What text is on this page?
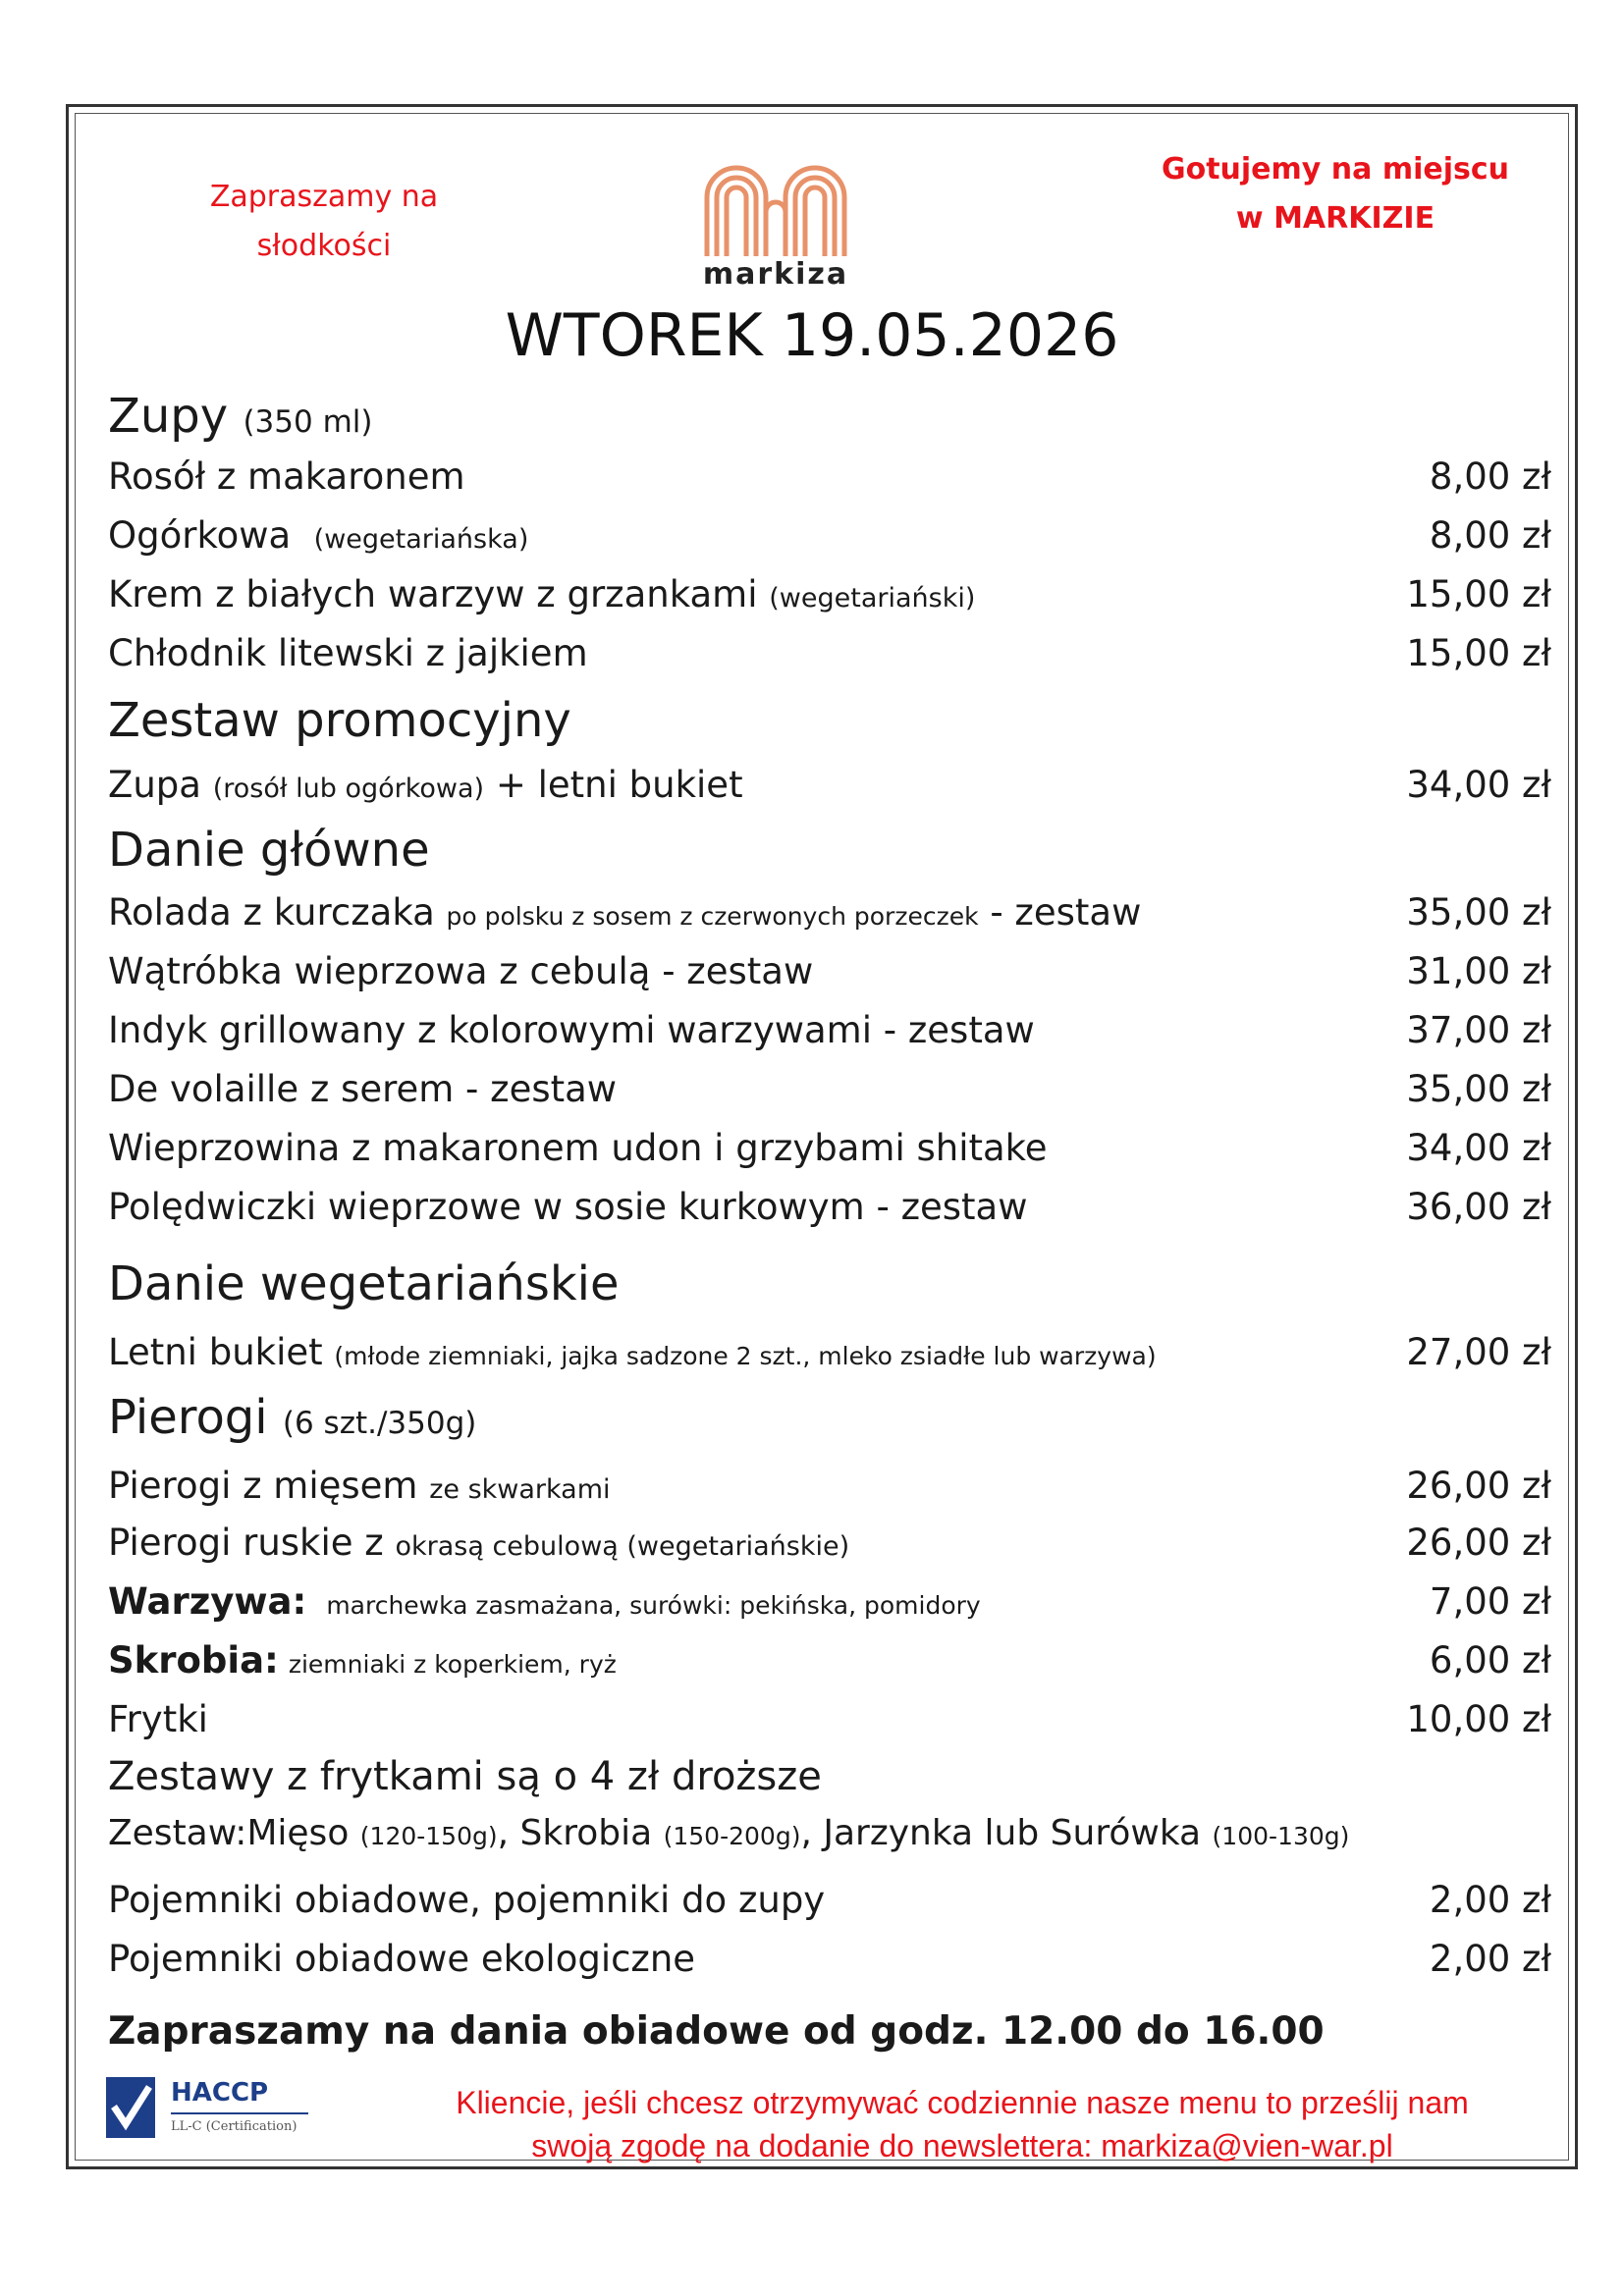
Zapraszamy na
słodkości
markiza
Gotujemy na miejscu
w MARKIZIE
WTOREK 19.05.2026
Zupy (350 ml)
Rosół z makaronem	8,00 zł
Ogórkowa  (wegetariańska)	8,00 zł
Krem z białych warzyw z grzankami (wegetariański)	15,00 zł
Chłodnik litewski z jajkiem	15,00 zł
Zestaw promocyjny
Zupa (rosół lub ogórkowa) + letni bukiet	34,00 zł
Danie główne
Rolada z kurczaka po polsku z sosem z czerwonych porzeczek - zestaw	35,00 zł
Wątróbka wieprzowa z cebulą - zestaw	31,00 zł
Indyk grillowany z kolorowymi warzywami - zestaw	37,00 zł
De volaille z serem - zestaw	35,00 zł
Wieprzowina z makaronem udon i grzybami shitake	34,00 zł
Polędwiczki wieprzowe w sosie kurkowym - zestaw	36,00 zł
Danie wegetariańskie
Letni bukiet (młode ziemniaki, jajka sadzone 2 szt., mleko zsiadłe lub warzywa)	27,00 zł
Pierogi (6 szt./350g)
Pierogi z mięsem ze skwarkami	26,00 zł
Pierogi ruskie z okrasą cebulową (wegetariańskie)	26,00 zł
Warzywa: marchewka zasmażana, surówki: pekińska, pomidory	7,00 zł
Skrobia: ziemniaki z koperkiem, ryż	6,00 zł
Frytki	10,00 zł
Zestawy z frytkami są o 4 zł droższe
Zestaw:Mięso (120-150g), Skrobia (150-200g), Jarzynka lub Surówka (100-130g)
Pojemniki obiadowe, pojemniki do zupy	2,00 zł
Pojemniki obiadowe ekologiczne	2,00 zł
Zapraszamy na dania obiadowe od godz. 12.00 do 16.00
HACCP
LL-C (Certification)
Kliencie, jeśli chcesz otrzymywać codziennie nasze menu to prześlij nam
swoją zgodę na dodanie do newslettera: markiza@vien-war.pl
